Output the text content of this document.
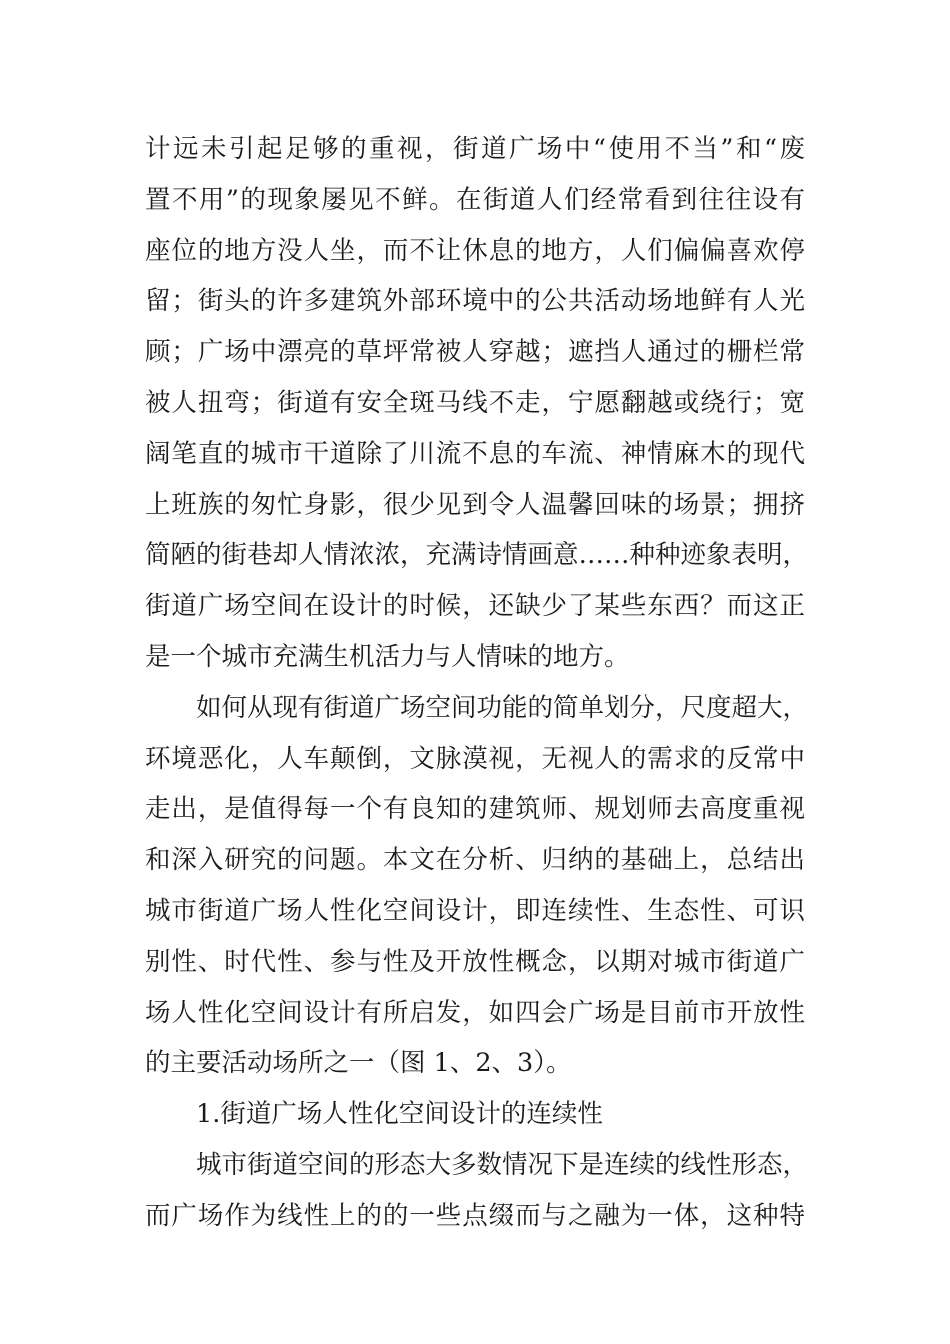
计远未引起足够的重视，街道广场中“使用不当”和“废
置不用”的现象屡见不鲜。在街道人们经常看到往往设有
座位的地方没人坐，而不让休息的地方，人们偏偏喜欢停
留；街头的许多建筑外部环境中的公共活动场地鲜有人光
顾；广场中漂亮的草坪常被人穿越；遮挡人通过的栅栏常
被人扭弯；街道有安全斑马线不走，宁愿翻越或绕行；宽
阔笔直的城市干道除了川流不息的车流、神情麻木的现代
上班族的匆忙身影，很少见到令人温馨回味的场景；拥挤
简陋的街巷却人情浓浓，充满诗情画意……种种迹象表明，
街道广场空间在设计的时候，还缺少了某些东西？而这正
是一个城市充满生机活力与人情味的地方。
如何从现有街道广场空间功能的简单划分，尺度超大，
环境恶化，人车颠倒，文脉漠视，无视人的需求的反常中
走出，是值得每一个有良知的建筑师、规划师去高度重视
和深入研究的问题。本文在分析、归纳的基础上，总结出
城市街道广场人性化空间设计，即连续性、生态性、可识
别性、时代性、参与性及开放性概念，以期对城市街道广
场人性化空间设计有所启发，如四会广场是目前市开放性
的主要活动场所之一（图 1、2、3）。
1.街道广场人性化空间设计的连续性
城市街道空间的形态大多数情况下是连续的线性形态，
而广场作为线性上的的一些点缀而与之融为一体，这种特
